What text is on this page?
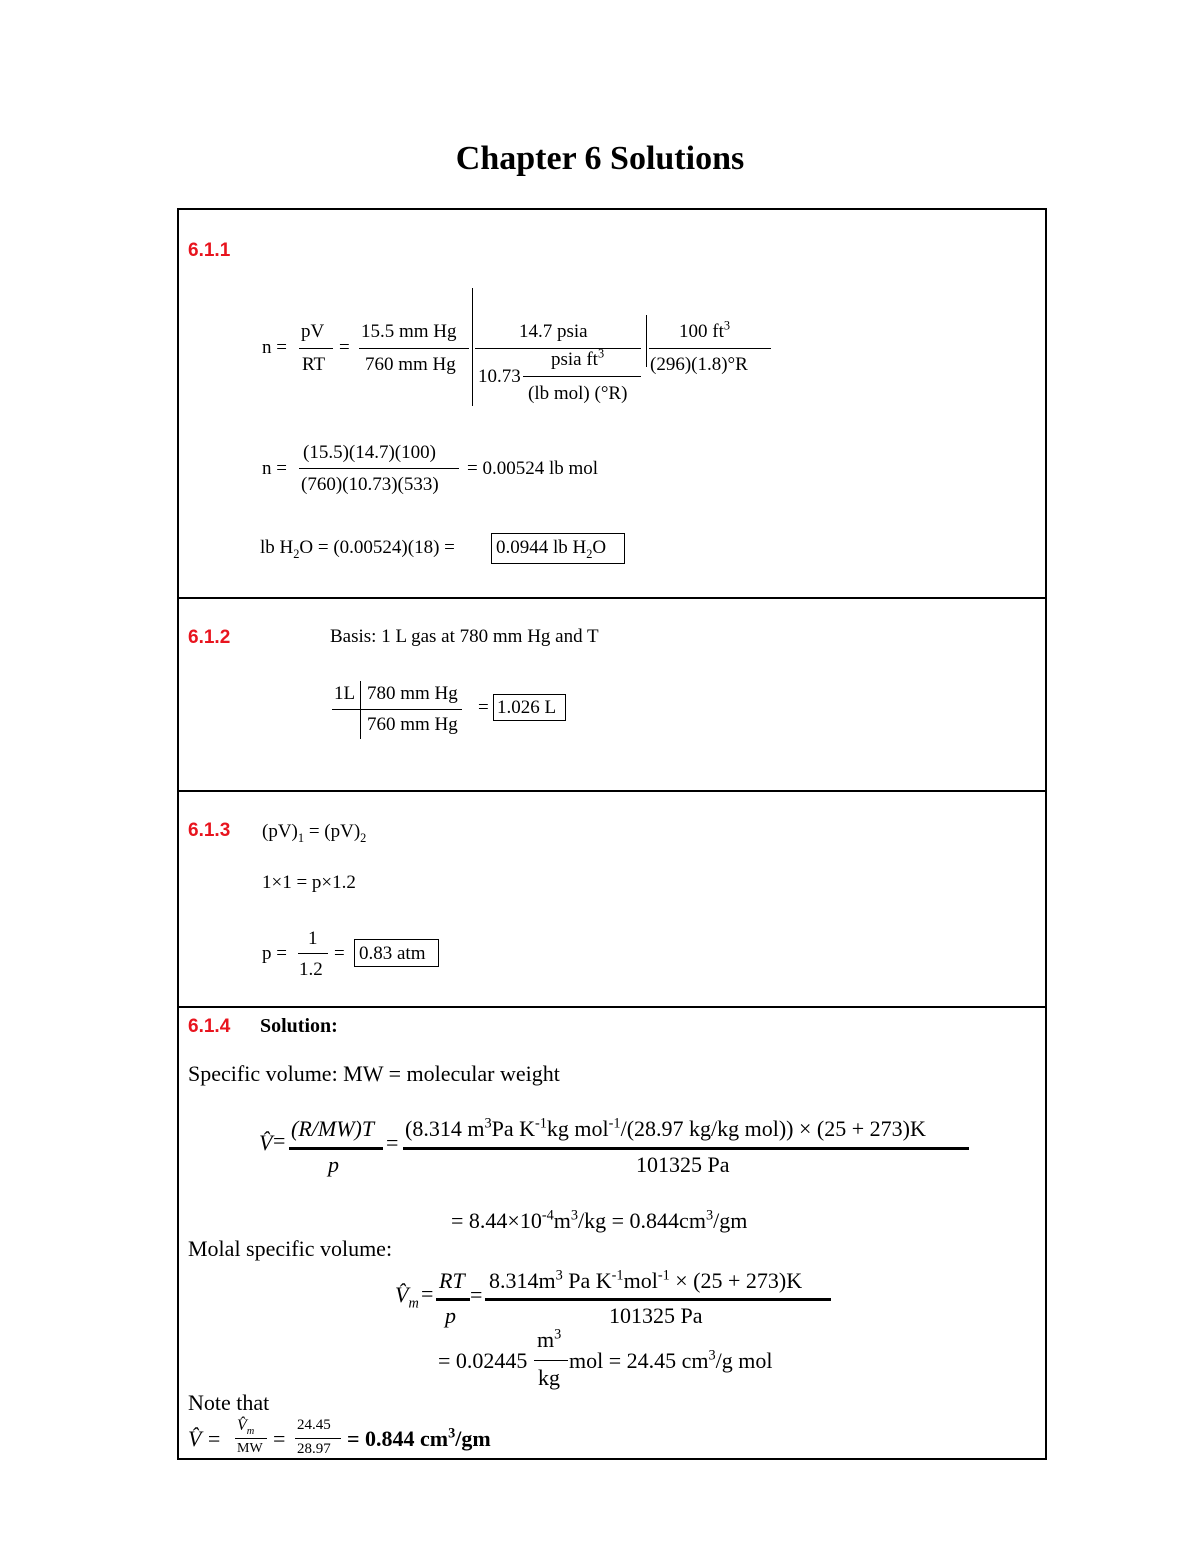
Chapter 6 Solutions
6.1.1
n =
pV
RT
=
15.5 mm Hg
760 mm Hg
14.7 psia
10.73
psia $ft^3$
(lb mol) (°R)
100 $ft^3$
(296)(1.8)°R
n =
(15.5)(14.7)(100)
(760)(10.73)(533)
= 0.00524 lb mol
lb $H_2O = (0.00524)(18) = 0.0944$ lb $H_2O$
6.1.2	Basis: 1 L gas at 780 mm Hg and T
1L 780 mm Hg
760 mm Hg
= 1.026 L
6.1.3 $(pV)_1 = (pV)_2$
1×1 = p×1.2
p =
1
1.2
= 0.83 atm
6.1.4 Solution:
Specific volume: MW = molecular weight
V̂ = (R/MW)T
p
=
(8.314 $m^3Pa$ $K^{-1}kg$ mol$^{-1}$/(28.97 kg/kg mol)) × (25 + 273)K
101325 Pa
= $8.44\times 10^{-4}m^3/kg = 0.844cm^3/gm$
Molal specific volume:
$V̂_m$ =
RT
p
=
$8.314m^3$ Pa $K^{-1}mol^{-1} \times (25 + 273)K$
101325 Pa
= 0.02445
$m^3$
kg
mol = 24.45 $cm^3/g$ mol
Note that
V̂ =
$V̂_m$
MW =
24.45
28.97 = 0.844 $cm^3/gm$
